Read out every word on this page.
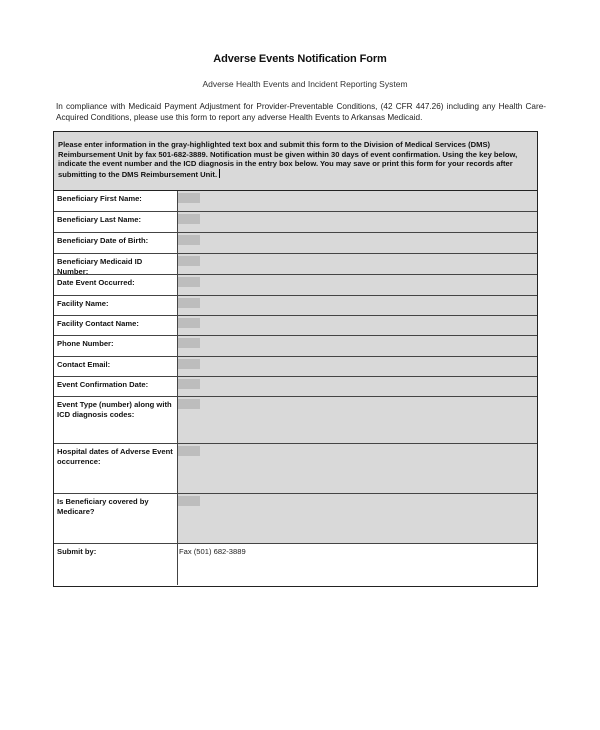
Adverse Events Notification Form
Adverse Health Events and Incident Reporting System
In compliance with Medicaid Payment Adjustment for Provider-Preventable Conditions, (42 CFR 447.26) including any Health Care-Acquired Conditions, please use this form to report any adverse Health Events to Arkansas Medicaid.
Please enter information in the gray-highlighted text box and submit this form to the Division of Medical Services (DMS) Reimbursement Unit by fax 501-682-3889. Notification must be given within 30 days of event confirmation. Using the key below, indicate the event number and the ICD diagnosis in the entry box below. You may save or print this form for your records after submitting to the DMS Reimbursement Unit.
Beneficiary First Name:
Beneficiary Last Name:
Beneficiary Date of Birth:
Beneficiary Medicaid ID Number:
Date Event Occurred:
Facility Name:
Facility Contact Name:
Phone Number:
Contact Email:
Event Confirmation Date:
Event Type (number) along with ICD diagnosis codes:
Hospital dates of Adverse Event occurrence:
Is Beneficiary covered by Medicare?
Submit by:	Fax (501) 682-3889
